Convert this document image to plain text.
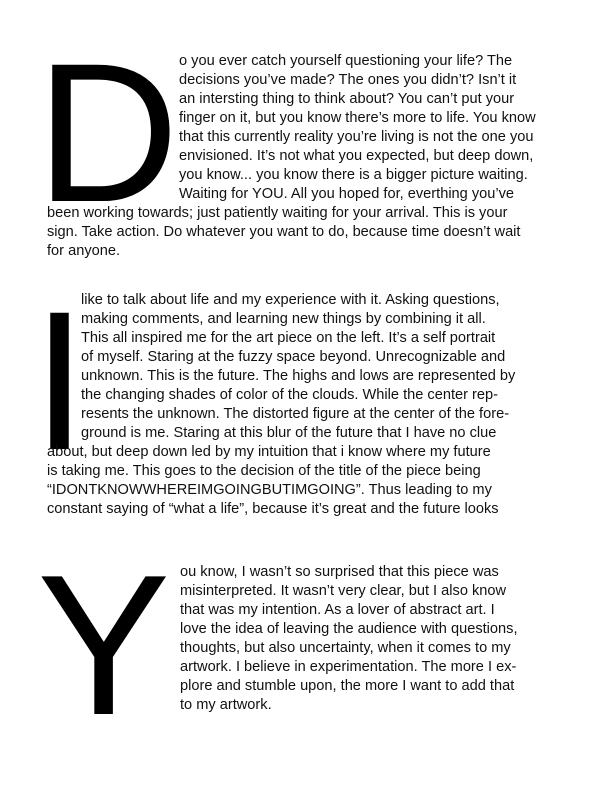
D o you ever catch yourself questioning your life? The

decisions you’ve made? The ones you didn’t? Isn’t it

an intersting thing to think about? You can’t put your

finger on it, but you know there’s more to life. You know

that this currently reality you’re living is not the one you

envisioned. It’s not what you expected, but deep down,

you know... you know there is a bigger picture waiting.

Waiting for YOU. All you hoped for, everthing you’ve

been working towards; just patiently waiting for your arrival. This is your

sign. Take action. Do whatever you want to do, because time doesn’t wait

for anyone.

I

like to talk about life and my experience with it. Asking questions,

making comments, and learning new things by combining it all.

This all inspired me for the art piece on the left. It’s a self portrait

of myself. Staring at the fuzzy space beyond. Unrecognizable and

unknown. This is the future. The highs and lows are represented by

the changing shades of color of the clouds. While the center rep-

resents the unknown. The distorted figure at the center of the fore-

ground is me. Staring at this blur of the future that I have no clue

about, but deep down led by my intuition that i know where my future

is taking me. This goes to the decision of the title of the piece being

“IDONTKNOWWHEREIMGOINGBUTIMGOING”. Thus leading to my

constant saying of “what a life”, because it’s great and the future looks

Y ou know, I wasn’t so surprised that this piece was

misinterpreted. It wasn’t very clear, but I also know

that was my intention. As a lover of abstract art. I

love the idea of leaving the audience with questions,

thoughts, but also uncertainty, when it comes to my

artwork. I believe in experimentation. The more I ex-

plore and stumble upon, the more I want to add that

to my artwork.
